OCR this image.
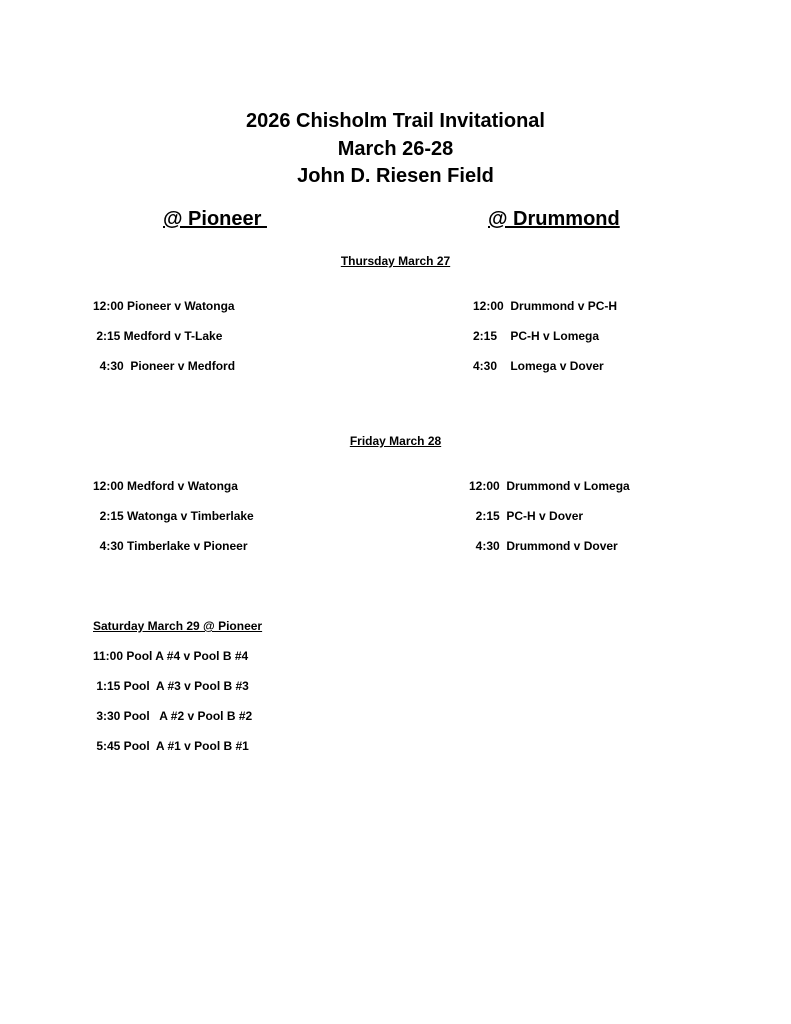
2026 Chisholm Trail Invitational
March 26-28
John D. Riesen Field
@ Pioneer	@ Drummond
Thursday March 27
12:00 Pioneer v Watonga
2:15 Medford v T-Lake
4:30  Pioneer v Medford
12:00  Drummond v PC-H
2:15    PC-H v Lomega
4:30    Lomega v Dover
Friday March 28
12:00 Medford v Watonga
2:15 Watonga v Timberlake
4:30 Timberlake v Pioneer
12:00  Drummond v Lomega
2:15  PC-H v Dover
4:30  Drummond v Dover
Saturday March 29 @ Pioneer
11:00 Pool A #4 v Pool B #4
1:15 Pool  A #3 v Pool B #3
3:30 Pool   A #2 v Pool B #2
5:45 Pool  A #1 v Pool B #1
